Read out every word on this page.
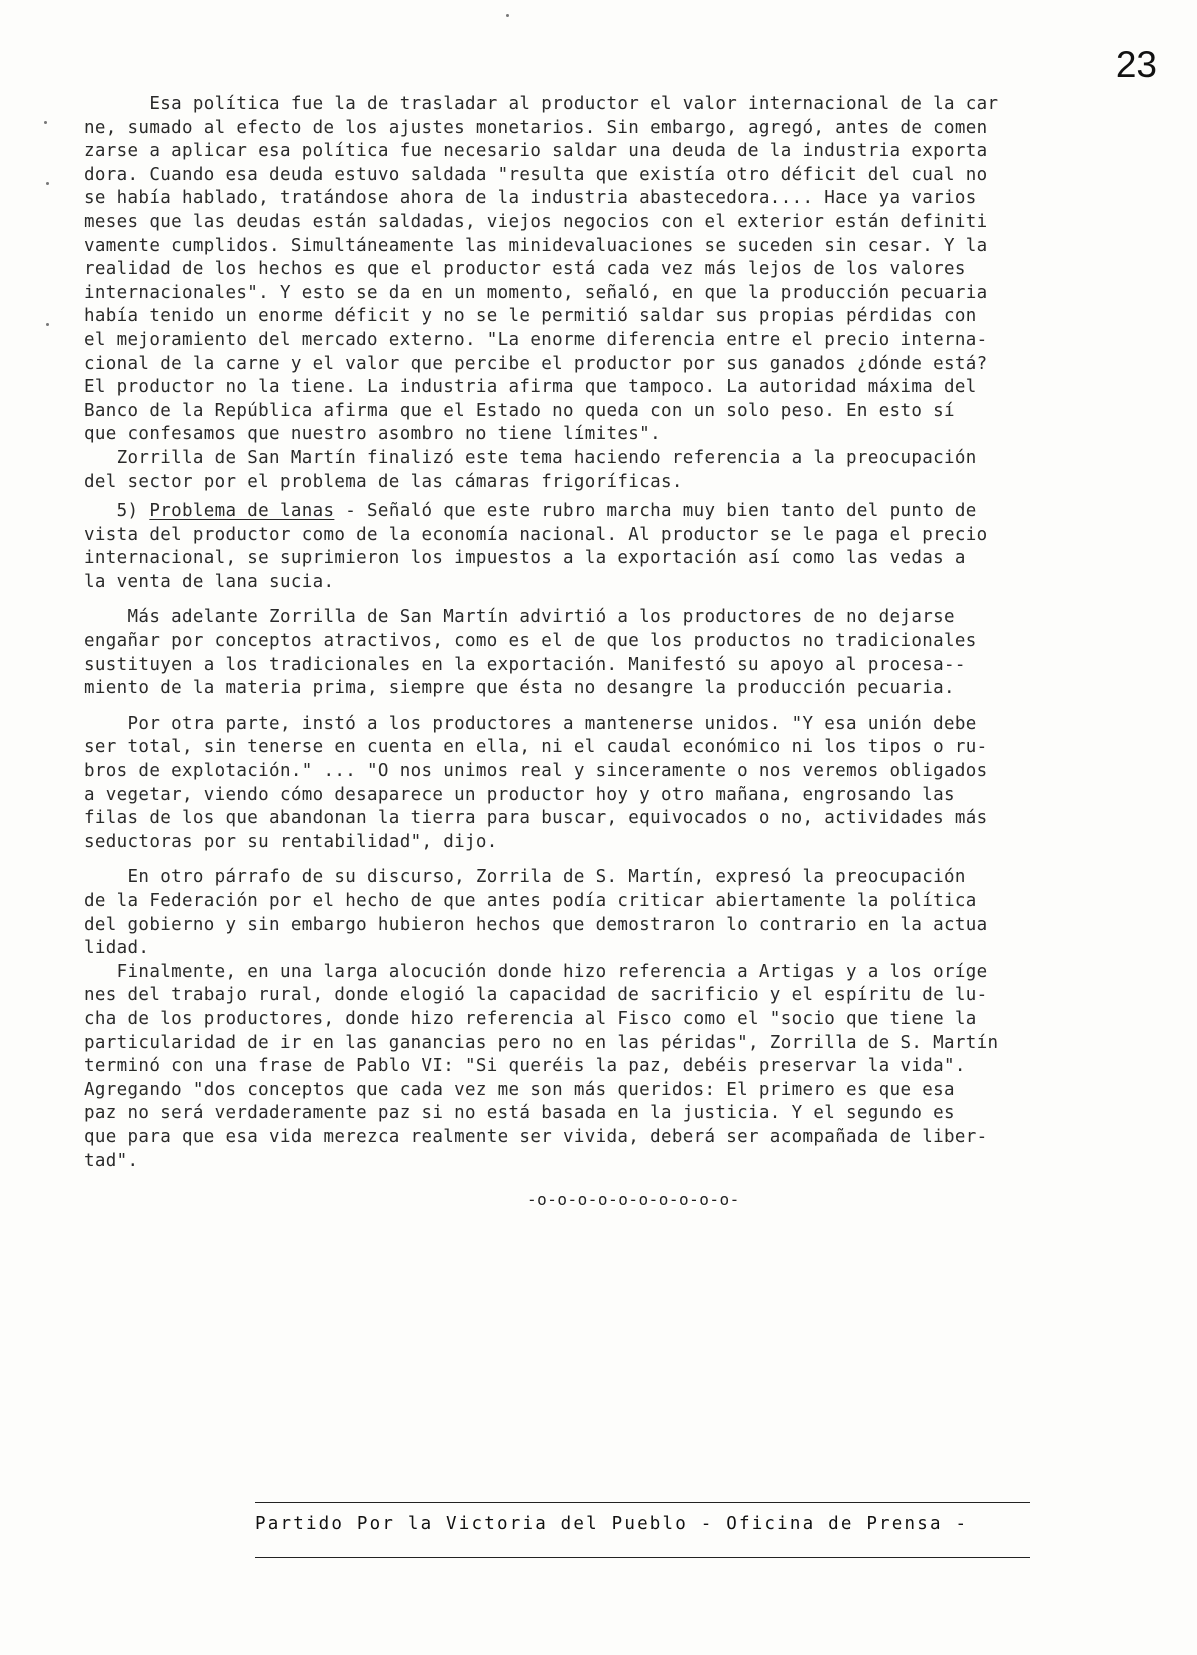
23
Esa política fue la de trasladar al productor el valor internacional de la car
ne, sumado al efecto de los ajustes monetarios. Sin embargo, agregó, antes de comen
zarse a aplicar esa política fue necesario saldar una deuda de la industria exporta
dora. Cuando esa deuda estuvo saldada "resulta que existía otro déficit del cual no
se había hablado, tratándose ahora de la industria abastecedora.... Hace ya varios
meses que las deudas están saldadas, viejos negocios con el exterior están definiti
vamente cumplidos. Simultáneamente las minidevaluaciones se suceden sin cesar. Y la
realidad de los hechos es que el productor está cada vez más lejos de los valores
internacionales". Y esto se da en un momento, señaló, en que la producción pecuaria
había tenido un enorme déficit y no se le permitió saldar sus propias pérdidas con
el mejoramiento del mercado externo. "La enorme diferencia entre el precio interna-
cional de la carne y el valor que percibe el productor por sus ganados ¿dónde está?
El productor no la tiene. La industria afirma que tampoco. La autoridad máxima del
Banco de la República afirma que el Estado no queda con un solo peso. En esto sí
que confesamos que nuestro asombro no tiene límites".
Zorrilla de San Martín finalizó este tema haciendo referencia a la preocupación
del sector por el problema de las cámaras frigoríficas.
5) Problema de lanas - Señaló que este rubro marcha muy bien tanto del punto de
vista del productor como de la economía nacional. Al productor se le paga el precio
internacional, se suprimieron los impuestos a la exportación así como las vedas a
la venta de lana sucia.
Más adelante Zorrilla de San Martín advirtió a los productores de no dejarse
engañar por conceptos atractivos, como es el de que los productos no tradicionales
sustituyen a los tradicionales en la exportación. Manifestó su apoyo al procesa--
miento de la materia prima, siempre que ésta no desangre la producción pecuaria.
Por otra parte, instó a los productores a mantenerse unidos. "Y esa unión debe
ser total, sin tenerse en cuenta en ella, ni el caudal económico ni los tipos o ru-
bros de explotación." ... "O nos unimos real y sinceramente o nos veremos obligados
a vegetar, viendo cómo desaparece un productor hoy y otro mañana, engrosando las
filas de los que abandonan la tierra para buscar, equivocados o no, actividades más
seductoras por su rentabilidad", dijo.
En otro párrafo de su discurso, Zorrila de S. Martín, expresó la preocupación
de la Federación por el hecho de que antes podía criticar abiertamente la política
del gobierno y sin embargo hubieron hechos que demostraron lo contrario en la actua
lidad.
Finalmente, en una larga alocución donde hizo referencia a Artigas y a los oríge
nes del trabajo rural, donde elogió la capacidad de sacrificio y el espíritu de lu-
cha de los productores, donde hizo referencia al Fisco como el "socio que tiene la
particularidad de ir en las ganancias pero no en las péridas", Zorrilla de S. Martín
terminó con una frase de Pablo VI: "Si queréis la paz, debéis preservar la vida".
Agregando "dos conceptos que cada vez me son más queridos: El primero es que esa
paz no será verdaderamente paz si no está basada en la justicia. Y el segundo es
que para que esa vida merezca realmente ser vivida, deberá ser acompañada de liber-
tad".
-o-o-o-o-o-o-o-o-o-o-
Partido Por la Victoria del Pueblo - Oficina de Prensa -
